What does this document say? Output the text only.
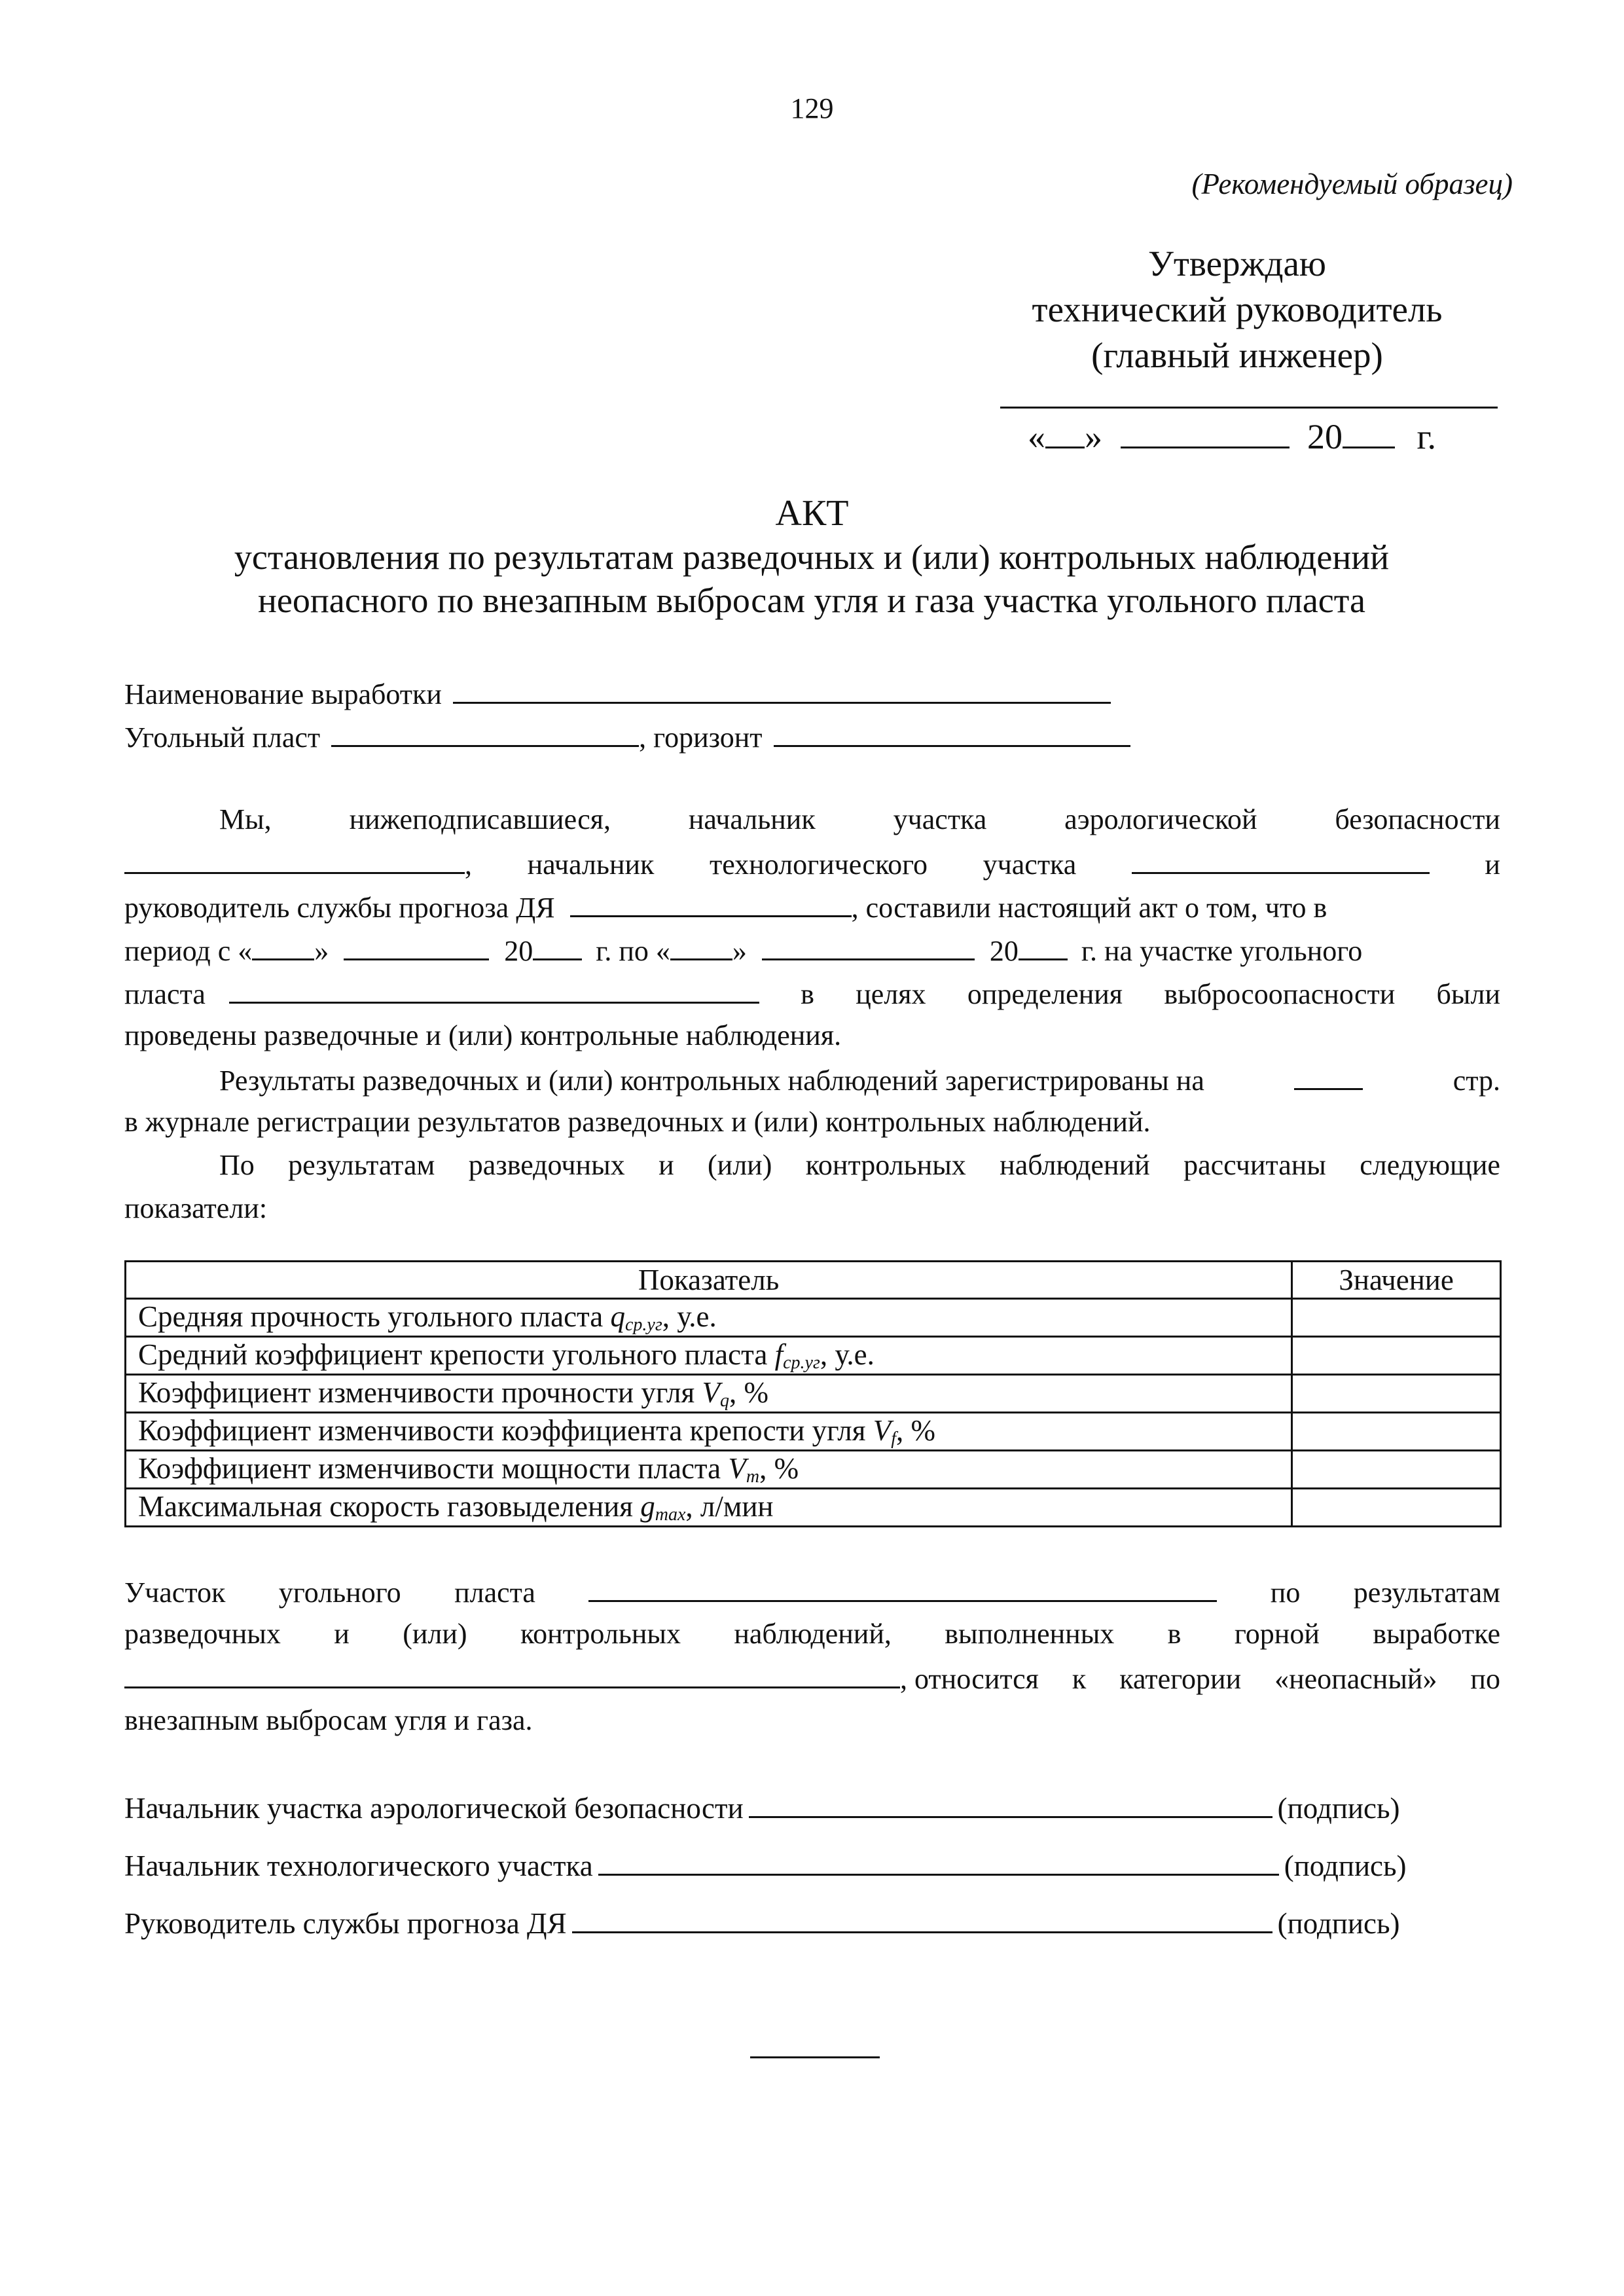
129
(Рекомендуемый образец)
Утверждаю
технический руководитель
(главный инженер)
« »	20 г.
АКТ
установления по результатам разведочных и (или) контрольных наблюдений
неопасного по внезапным выбросам угля и газа участка угольного пласта
Наименование выработки
Угольный пласт	, горизонт
Мы,	нижеподписавшиеся,	начальник	участка	аэрологической	безопасности
, начальник технологического участка	и
руководитель службы прогноза ДЯ	, составили настоящий акт о том, что в
период с « »	20 г. по « »	20 г. на участке угольного
пласта	в целях определения выбросоопасности были
проведены разведочные и (или) контрольные наблюдения.
Результаты разведочных и (или) контрольных наблюдений зарегистрированы на	стр.
в журнале регистрации результатов разведочных и (или) контрольных наблюдений.
По результатам разведочных и (или) контрольных наблюдений рассчитаны следующие
показатели:
Показатель	Значение
Средняя прочность угольного пласта $q_{ср.уг}$, у.е.	
Средний коэффициент крепости угольного пласта $f_{ср.уг}$, у.е.	
Коэффициент изменчивости прочности угля $V_q$, %	
Коэффициент изменчивости коэффициента крепости угля $V_f$, %	
Коэффициент изменчивости мощности пласта $V_m$, %	
Максимальная скорость газовыделения $g_{max}$, л/мин	
Участок угольного пласта	по результатам
разведочных и (или) контрольных наблюдений, выполненных в горной выработке
, относится к категории «неопасный» по
внезапным выбросам угля и газа.
Начальник участка аэрологической безопасности	(подпись)
Начальник технологического участка	(подпись)
Руководитель службы прогноза ДЯ	(подпись)
